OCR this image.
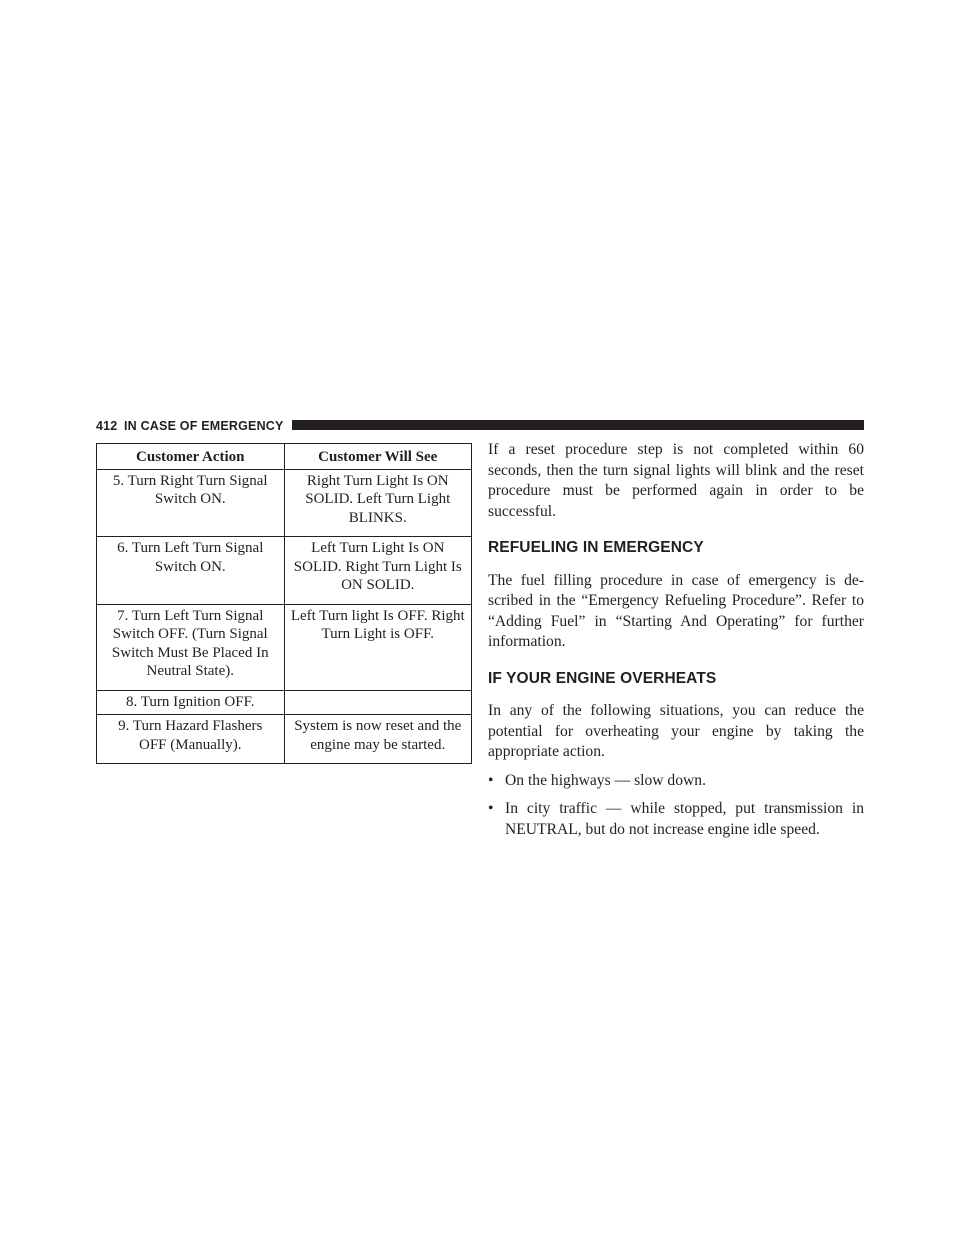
412 IN CASE OF EMERGENCY
Customer Action	Customer Will See
5. Turn Right Turn Signal Switch ON.	Right Turn Light Is ON SOLID. Left Turn Light BLINKS.
6. Turn Left Turn Signal Switch ON.	Left Turn Light Is ON SOLID. Right Turn Light Is ON SOLID.
7. Turn Left Turn Signal Switch OFF. (Turn Signal Switch Must Be Placed In Neutral State).	Left Turn light Is OFF. Right Turn Light is OFF.
8. Turn Ignition OFF.	
9. Turn Hazard Flashers OFF (Manually).	System is now reset and the engine may be started.

If a reset procedure step is not completed within 60 seconds, then the turn signal lights will blink and the reset procedure must be performed again in order to be successful.

REFUELING IN EMERGENCY

The fuel filling procedure in case of emergency is de-scribed in the “Emergency Refueling Procedure”. Refer to “Adding Fuel” in “Starting And Operating” for further information.

IF YOUR ENGINE OVERHEATS

In any of the following situations, you can reduce the potential for overheating your engine by taking the appropriate action.

• On the highways — slow down.
• In city traffic — while stopped, put transmission in NEUTRAL, but do not increase engine idle speed.
